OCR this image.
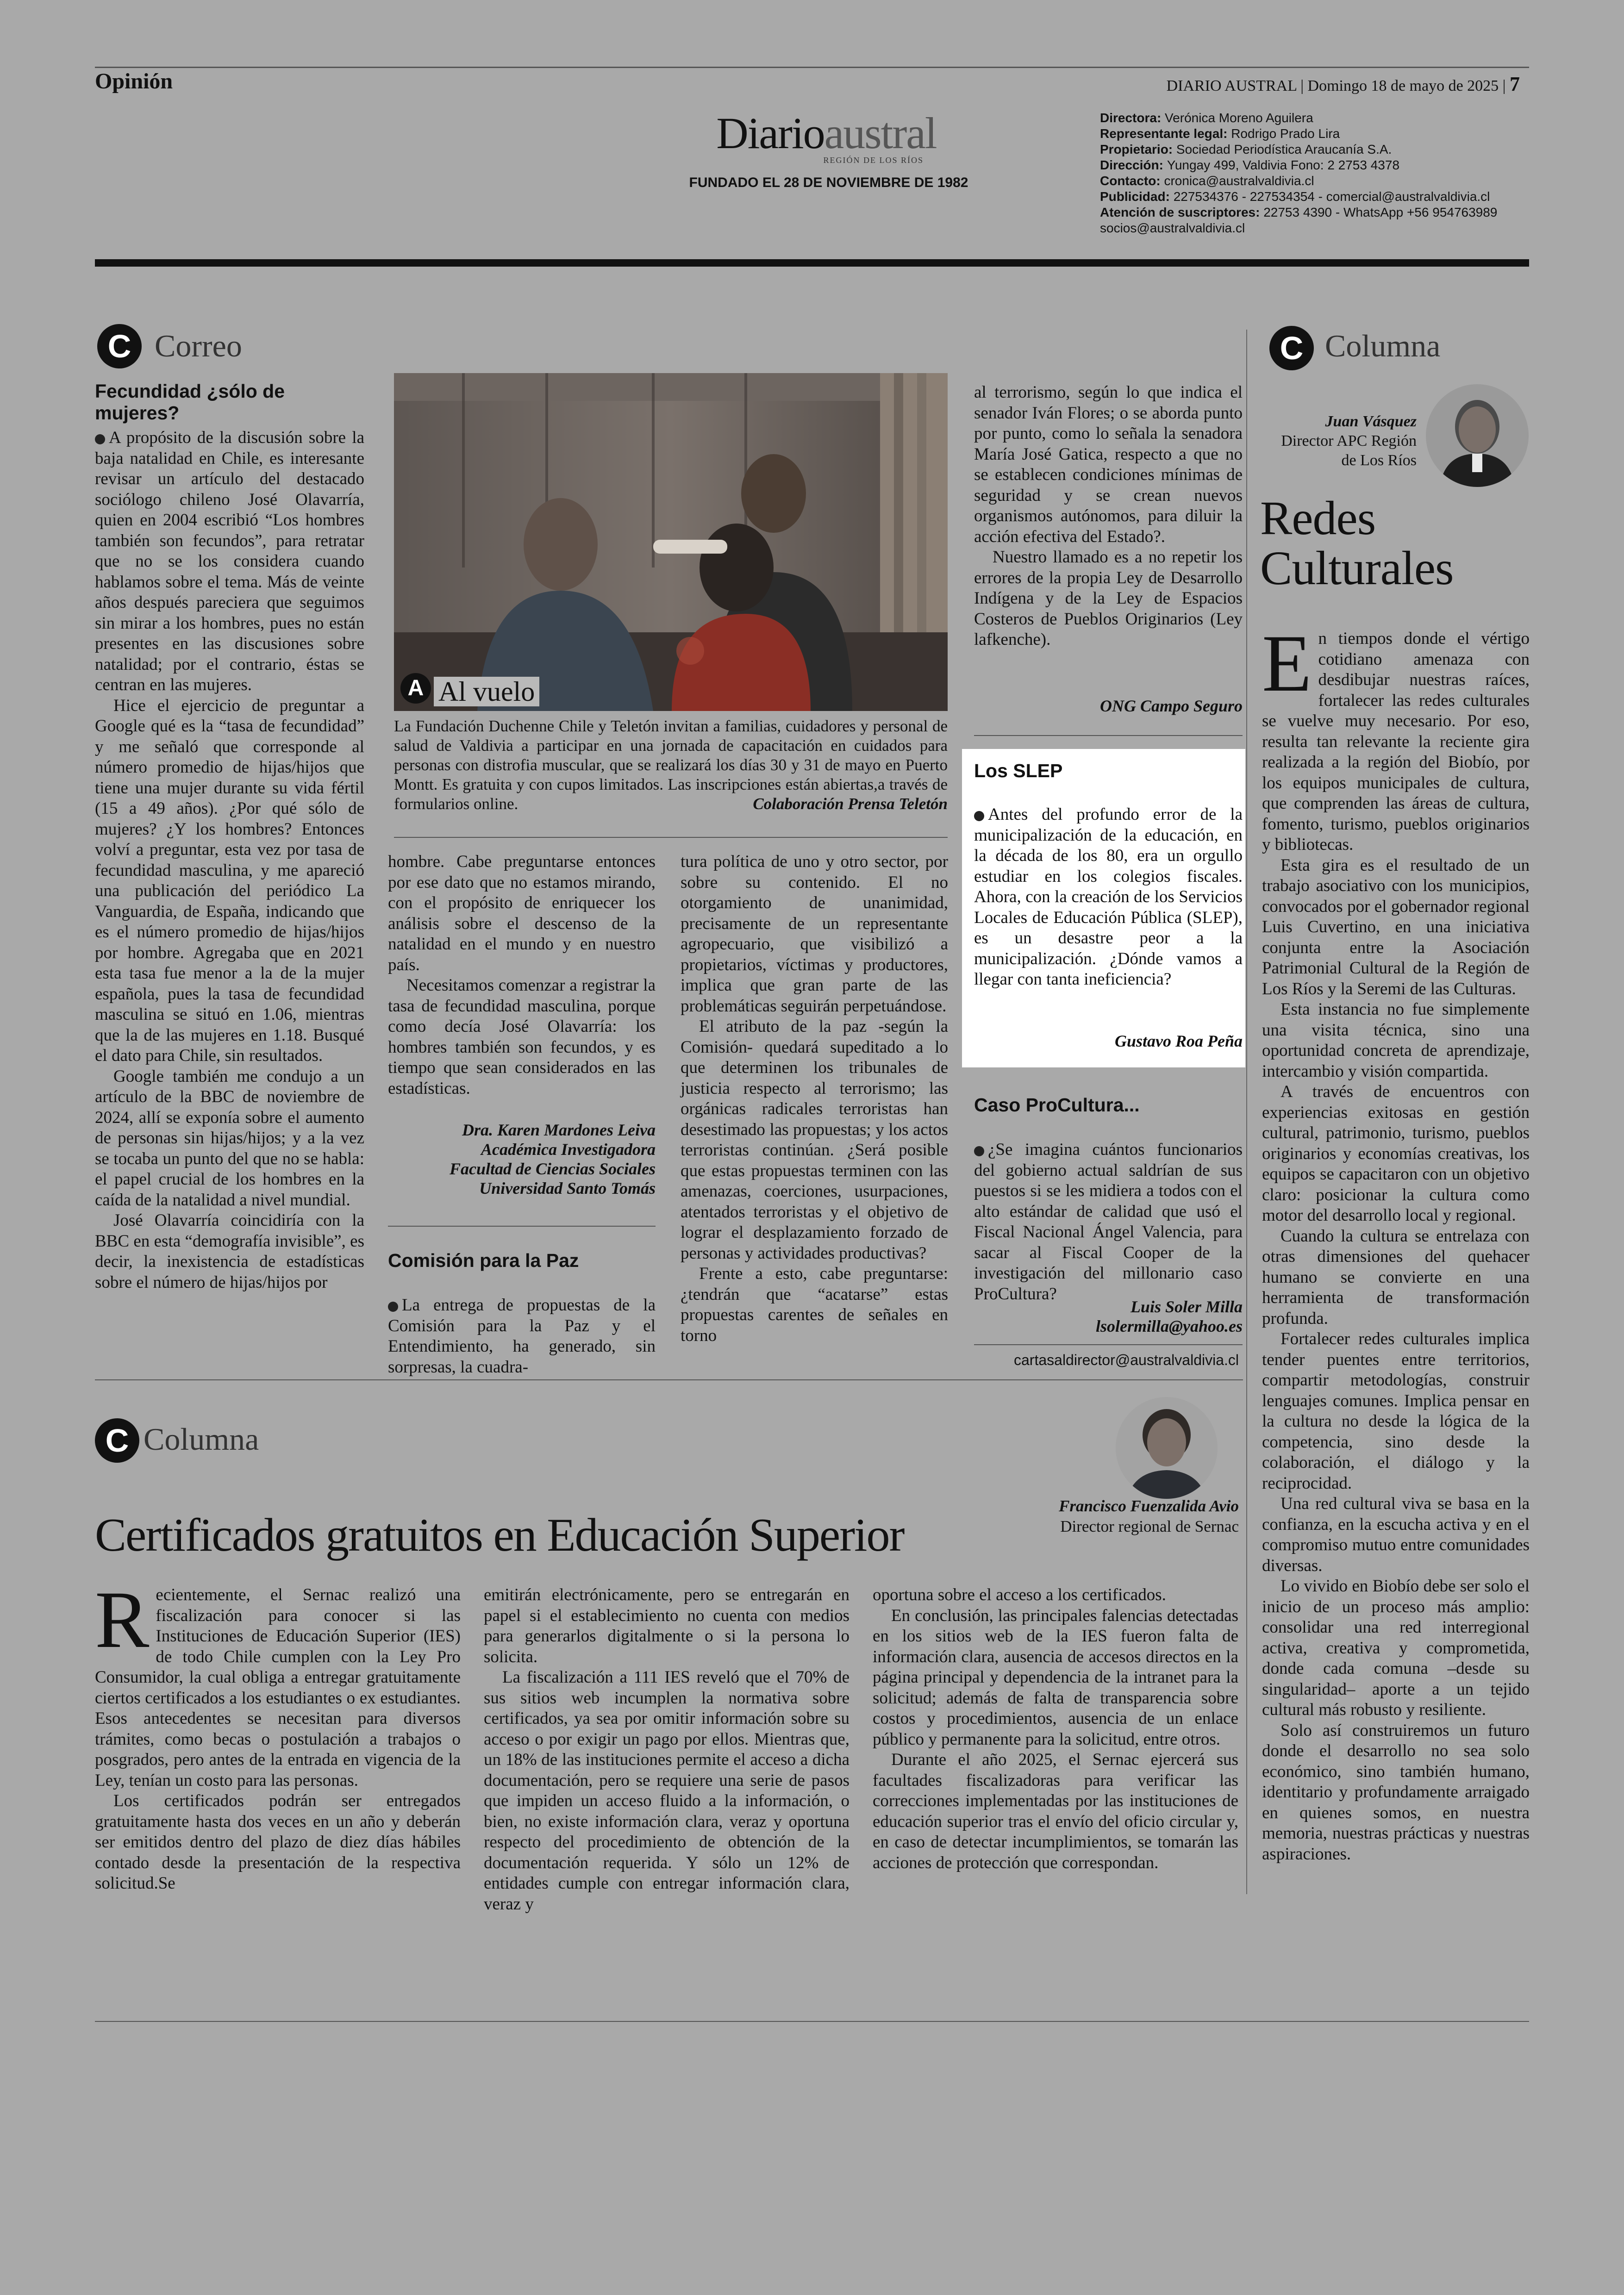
Opinión	DIARIO AUSTRAL | Domingo 18 de mayo de 2025 | 7
Diarioaustral
REGIÓN DE LOS RÍOS
FUNDADO EL 28 DE NOVIEMBRE DE 1982
Directora: Verónica Moreno Aguilera
Representante legal: Rodrigo Prado Lira
Propietario: Sociedad Periodística Araucanía S.A.
Dirección: Yungay 499, Valdivia Fono: 2 2753 4378
Contacto: cronica@australvaldivia.cl
Publicidad: 227534376 - 227534354 - comercial@australvaldivia.cl
Atención de suscriptores: 22753 4390 - WhatsApp +56 954763989
socios@australvaldivia.cl
C Correo
Fecundidad ¿sólo de mujeres?

A propósito de la discusión sobre la baja natalidad en Chile, es interesante revisar un artículo del destacado sociólogo chileno José Olavarría, quien en 2004 escribió “Los hombres también son fecundos”, para retratar que no se los considera cuando hablamos sobre el tema. Más de veinte años después pareciera que seguimos sin mirar a los hombres, pues no están presentes en las discusiones sobre natalidad; por el contrario, éstas se centran en las mujeres.

Hice el ejercicio de preguntar a Google qué es la “tasa de fecundidad” y me señaló que corresponde al número promedio de hijas/hijos que tiene una mujer durante su vida fértil (15 a 49 años). ¿Por qué sólo de mujeres? ¿Y los hombres? Entonces volví a preguntar, esta vez por tasa de fecundidad masculina, y me apareció una publicación del periódico La Vanguardia, de España, indicando que es el número promedio de hijas/hijos por hombre. Agregaba que en 2021 esta tasa fue menor a la de la mujer española, pues la tasa de fecundidad masculina se situó en 1.06, mientras que la de las mujeres en 1.18. Busqué el dato para Chile, sin resultados.

Google también me condujo a un artículo de la BBC de noviembre de 2024, allí se exponía sobre el aumento de personas sin hijas/hijos; y a la vez se tocaba un punto del que no se habla: el papel crucial de los hombres en la caída de la natalidad a nivel mundial.

José Olavarría coincidiría con la BBC en esta “demografía invisible”, es decir, la inexistencia de estadísticas sobre el número de hijas/hijos por

A Al vuelo
La Fundación Duchenne Chile y Teletón invitan a familias, cuidadores y personal de salud de Valdivia a participar en una jornada de capacitación en cuidados para personas con distrofia muscular, que se realizará los días 30 y 31 de mayo en Puerto Montt. Es gratuita y con cupos limitados. Las inscripciones están abiertas,a través de formularios online.	Colaboración Prensa Teletón

hombre. Cabe preguntarse entonces por ese dato que no estamos mirando, con el propósito de enriquecer los análisis sobre el descenso de la natalidad en el mundo y en nuestro país.

Necesitamos comenzar a registrar la tasa de fecundidad masculina, porque como decía José Olavarría: los hombres también son fecundos, y es tiempo que sean considerados en las estadísticas.

Dra. Karen Mardones Leiva
Académica Investigadora
Facultad de Ciencias Sociales
Universidad Santo Tomás
Comisión para la Paz

La entrega de propuestas de la Comisión para la Paz y el Entendimiento, ha generado, sin sorpresas, la cuadra-

tura política de uno y otro sector, por sobre su contenido. El no otorgamiento de unanimidad, precisamente de un representante agropecuario, que visibilizó a propietarios, víctimas y productores, implica que gran parte de las problemáticas seguirán perpetuándose.

El atributo de la paz -según la Comisión- quedará supeditado a lo que determinen los tribunales de justicia respecto al terrorismo; las orgánicas radicales terroristas han desestimado las propuestas; y los actos terroristas continúan. ¿Será posible que estas propuestas terminen con las amenazas, coerciones, usurpaciones, atentados terroristas y el objetivo de lograr el desplazamiento forzado de personas y actividades productivas?

Frente a esto, cabe preguntarse: ¿tendrán que “acatarse” estas propuestas carentes de señales en torno

al terrorismo, según lo que indica el senador Iván Flores; o se aborda punto por punto, como lo señala la senadora María José Gatica, respecto a que no se establecen condiciones mínimas de seguridad y se crean nuevos organismos autónomos, para diluir la acción efectiva del Estado?.

Nuestro llamado es a no repetir los errores de la propia Ley de Desarrollo Indígena y de la Ley de Espacios Costeros de Pueblos Originarios (Ley lafkenche).

ONG Campo Seguro
Los SLEP

Antes del profundo error de la municipalización de la educación, en la década de los 80, era un orgullo estudiar en los colegios fiscales. Ahora, con la creación de los Servicios Locales de Educación Pública (SLEP), es un desastre peor a la municipalización. ¿Dónde vamos a llegar con tanta ineficiencia?

Gustavo Roa Peña
Caso ProCultura...

¿Se imagina cuántos funcionarios del gobierno actual saldrían de sus puestos si se les midiera a todos con el alto estándar de calidad que usó el Fiscal Nacional Ángel Valencia, para sacar al Fiscal Cooper de la investigación del millonario caso ProCultura?

Luis Soler Milla
lsolermilla@yahoo.es
cartasaldirector@australvaldivia.cl
C Columna
Juan Vásquez
Director APC Región de Los Ríos
Redes
Culturales

En tiempos donde el vértigo cotidiano amenaza con desdibujar nuestras raíces, fortalecer las redes culturales se vuelve muy necesario. Por eso, resulta tan relevante la reciente gira realizada a la región del Biobío, por los equipos municipales de cultura, que comprenden las áreas de cultura, fomento, turismo, pueblos originarios y bibliotecas.

Esta gira es el resultado de un trabajo asociativo con los municipios, convocados por el gobernador regional Luis Cuvertino, en una iniciativa conjunta entre la Asociación Patrimonial Cultural de la Región de Los Ríos y la Seremi de las Culturas.

Esta instancia no fue simplemente una visita técnica, sino una oportunidad concreta de aprendizaje, intercambio y visión compartida.

A través de encuentros con experiencias exitosas en gestión cultural, patrimonio, turismo, pueblos originarios y economías creativas, los equipos se capacitaron con un objetivo claro: posicionar la cultura como motor del desarrollo local y regional.

Cuando la cultura se entrelaza con otras dimensiones del quehacer humano se convierte en una herramienta de transformación profunda.

Fortalecer redes culturales implica tender puentes entre territorios, compartir metodologías, construir lenguajes comunes. Implica pensar en la cultura no desde la lógica de la competencia, sino desde la colaboración, el diálogo y la reciprocidad.

Una red cultural viva se basa en la confianza, en la escucha activa y en el compromiso mutuo entre comunidades diversas.

Lo vivido en Biobío debe ser solo el inicio de un proceso más amplio: consolidar una red interregional activa, creativa y comprometida, donde cada comuna –desde su singularidad– aporte a un tejido cultural más robusto y resiliente.

Solo así construiremos un futuro donde el desarrollo no sea solo económico, sino también humano, identitario y profundamente arraigado en quienes somos, en nuestra memoria, nuestras prácticas y nuestras aspiraciones.

C Columna
Francisco Fuenzalida Avio
Director regional de Sernac
Certificados gratuitos en Educación Superior

Recientemente, el Sernac realizó una fiscalización para conocer si las Instituciones de Educación Superior (IES) de todo Chile cumplen con la Ley Pro Consumidor, la cual obliga a entregar gratuitamente ciertos certificados a los estudiantes o ex estudiantes. Esos antecedentes se necesitan para diversos trámites, como becas o postulación a trabajos o posgrados, pero antes de la entrada en vigencia de la Ley, tenían un costo para las personas.

Los certificados podrán ser entregados gratuitamente hasta dos veces en un año y deberán ser emitidos dentro del plazo de diez días hábiles contado desde la presentación de la respectiva solicitud.Se

emitirán electrónicamente, pero se entregarán en papel si el establecimiento no cuenta con medios para generarlos digitalmente o si la persona lo solicita.

La fiscalización a 111 IES reveló que el 70% de sus sitios web incumplen la normativa sobre certificados, ya sea por omitir información sobre su acceso o por exigir un pago por ellos. Mientras que, un 18% de las instituciones permite el acceso a dicha documentación, pero se requiere una serie de pasos que impiden un acceso fluido a la información, o bien, no existe información clara, veraz y oportuna respecto del procedimiento de obtención de la documentación requerida. Y sólo un 12% de entidades cumple con entregar información clara, veraz y

oportuna sobre el acceso a los certificados.

En conclusión, las principales falencias detectadas en los sitios web de la IES fueron falta de información clara, ausencia de accesos directos en la página principal y dependencia de la intranet para la solicitud; además de falta de transparencia sobre costos y procedimientos, ausencia de un enlace público y permanente para la solicitud, entre otros.

Durante el año 2025, el Sernac ejercerá sus facultades fiscalizadoras para verificar las correcciones implementadas por las instituciones de educación superior tras el envío del oficio circular y, en caso de detectar incumplimientos, se tomarán las acciones de protección que correspondan.
